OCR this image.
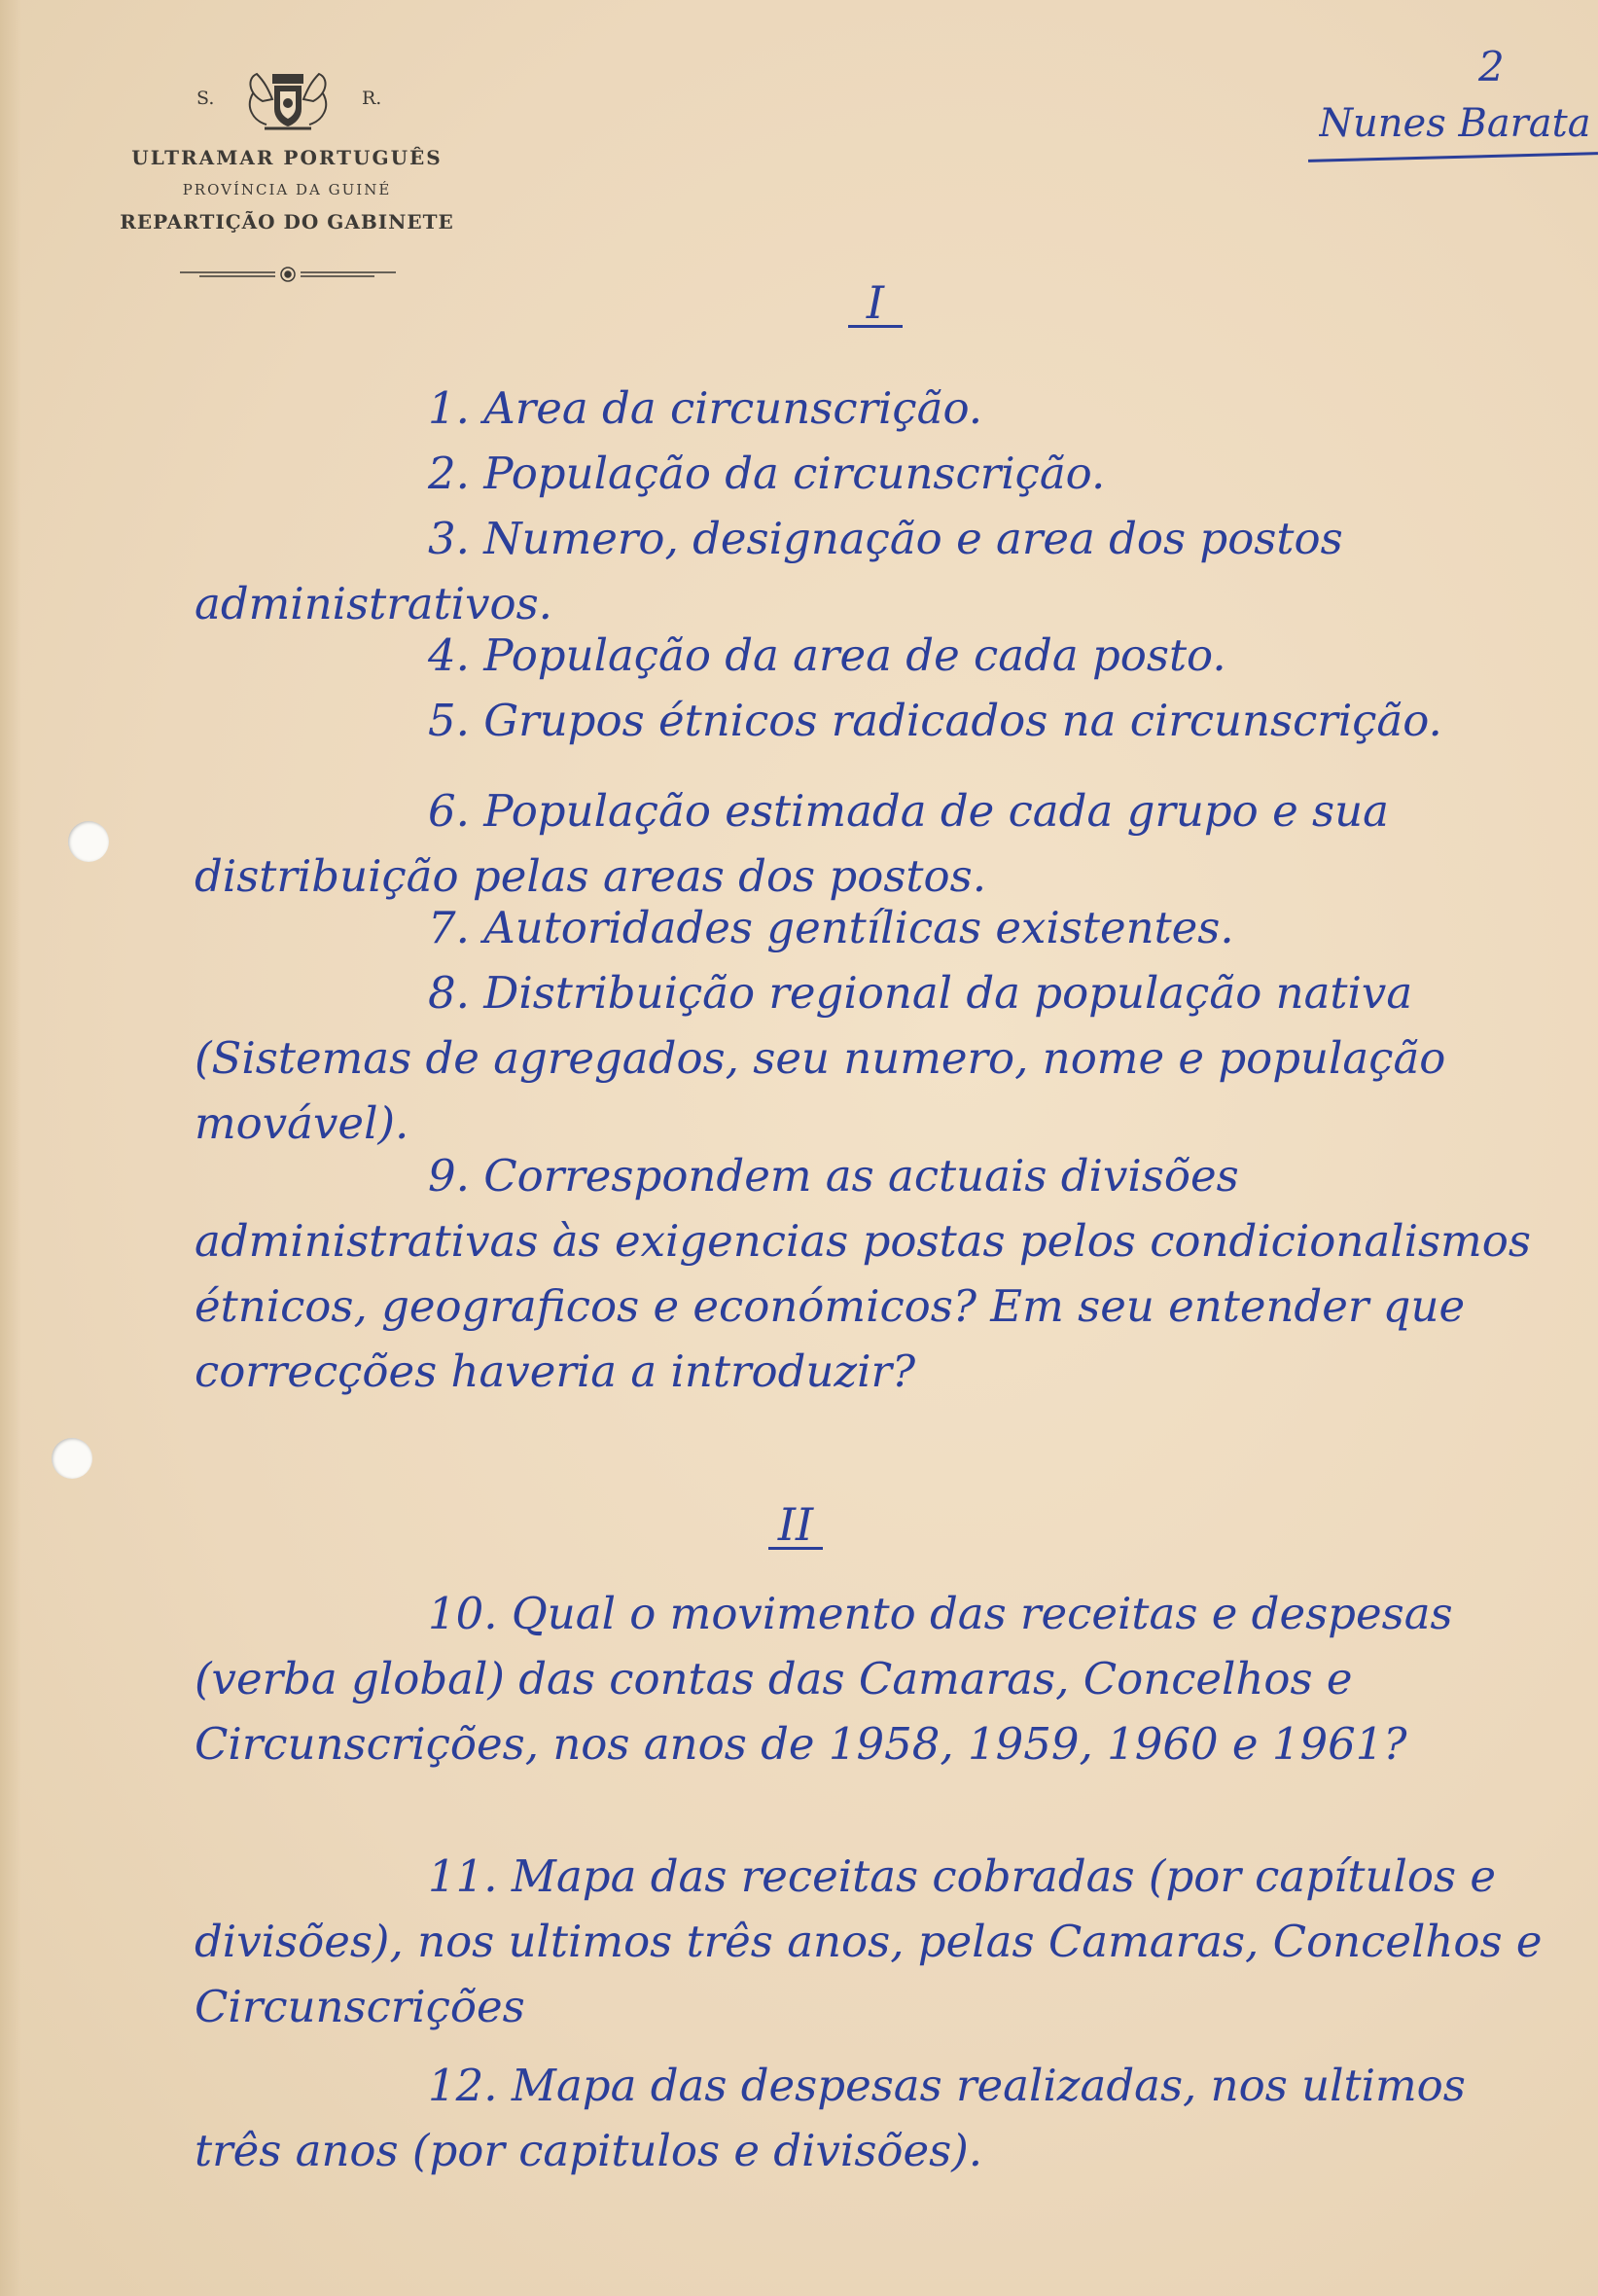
S.	R.
ULTRAMAR PORTUGUÊS
PROVÍNCIA DA GUINÉ
REPARTIÇÃO DO GABINETE
2
Nunes Barata
I
1. Area da circunscrição.
2. População da circunscrição.
3. Numero, designação e area dos postos administrativos.
4. População da area de cada posto.
5. Grupos étnicos radicados na circunscrição.
6. População estimada de cada grupo e sua distribuição pelas areas dos postos.
7. Autoridades gentílicas existentes.
8. Distribuição regional da população nativa (Sistemas de agregados, seu numero, nome e população movável).
9. Correspondem as actuais divisões administrativas às exigencias postas pelos condicionalismos étnicos, geograficos e económicos? Em seu entender que correcções haveria a introduzir?
II
10. Qual o movimento das receitas e despesas (verba global) das contas das Camaras, Concelhos e Circunscrições, nos anos de 1958, 1959, 1960 e 1961?
11. Mapa das receitas cobradas (por capítulos e divisões), nos ultimos três anos, pelas Camaras, Concelhos e Circunscrições
12. Mapa das despesas realizadas, nos ultimos três anos (por capitulos e divisões).
